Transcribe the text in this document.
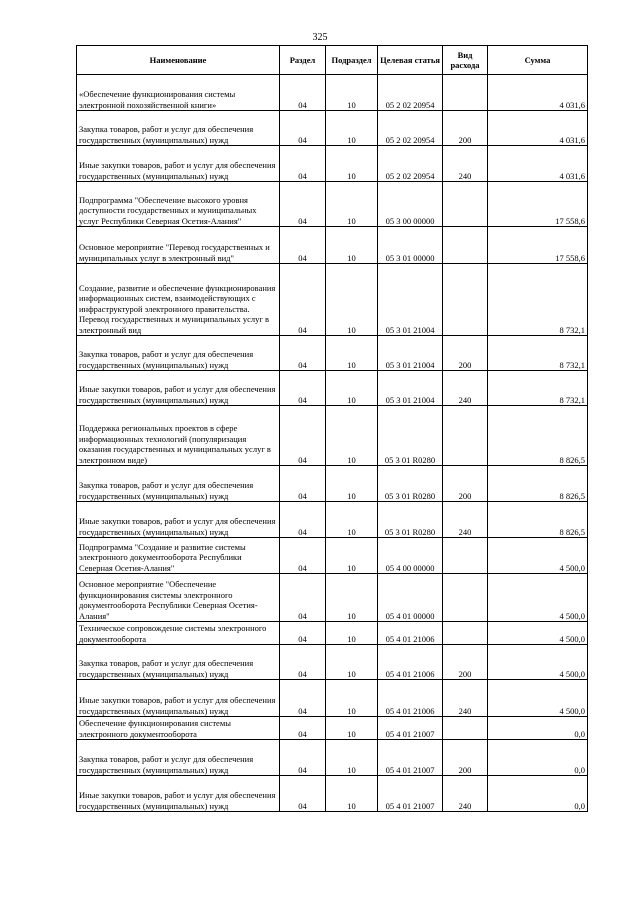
325
Наименование	Раздел	Подраздел	Целевая статья	Вид расхода	Сумма
«Обеспечение функционирования системы электронной похозяйственной книги»	04	10	05 2 02 20954		4 031,6
Закупка товаров, работ и услуг для обеспечения государственных (муниципальных) нужд	04	10	05 2 02 20954	200	4 031,6
Иные закупки товаров, работ и услуг для обеспечения государственных (муниципальных) нужд	04	10	05 2 02 20954	240	4 031,6
Подпрограмма "Обеспечение высокого уровня доступности государственных и муниципальных услуг Республики Северная Осетия-Алания"	04	10	05 3 00 00000		17 558,6
Основное мероприятие "Перевод государственных и муниципальных услуг в электронный вид"	04	10	05 3 01 00000		17 558,6
Создание, развитие и обеспечение функционирования информационных систем, взаимодействующих с инфраструктурой электронного правительства. Перевод государственных и муниципальных услуг в электронный вид	04	10	05 3 01 21004		8 732,1
Закупка товаров, работ и услуг для обеспечения государственных (муниципальных) нужд	04	10	05 3 01 21004	200	8 732,1
Иные закупки товаров, работ и услуг для обеспечения государственных (муниципальных) нужд	04	10	05 3 01 21004	240	8 732,1
Поддержка региональных проектов в сфере информационных технологий (популяризация оказания государственных и муниципальных услуг в электронном виде)	04	10	05 3 01 R0280		8 826,5
Закупка товаров, работ и услуг для обеспечения государственных (муниципальных) нужд	04	10	05 3 01 R0280	200	8 826,5
Иные закупки товаров, работ и услуг для обеспечения государственных (муниципальных) нужд	04	10	05 3 01 R0280	240	8 826,5
Подпрограмма "Создание и развитие системы электронного документооборота Республики Северная Осетия-Алания"	04	10	05 4 00 00000		4 500,0
Основное мероприятие "Обеспечение функционирования системы электронного документооборота Республики Северная Осетия-Алания"	04	10	05 4 01 00000		4 500,0
Техническое сопровождение системы электронного документооборота	04	10	05 4 01 21006		4 500,0
Закупка товаров, работ и услуг для обеспечения государственных (муниципальных) нужд	04	10	05 4 01 21006	200	4 500,0
Иные закупки товаров, работ и услуг для обеспечения государственных (муниципальных) нужд	04	10	05 4 01 21006	240	4 500,0
Обеспечение функционирования системы электронного документооборота	04	10	05 4 01 21007		0,0
Закупка товаров, работ и услуг для обеспечения государственных (муниципальных) нужд	04	10	05 4 01 21007	200	0,0
Иные закупки товаров, работ и услуг для обеспечения государственных (муниципальных) нужд	04	10	05 4 01 21007	240	0,0
